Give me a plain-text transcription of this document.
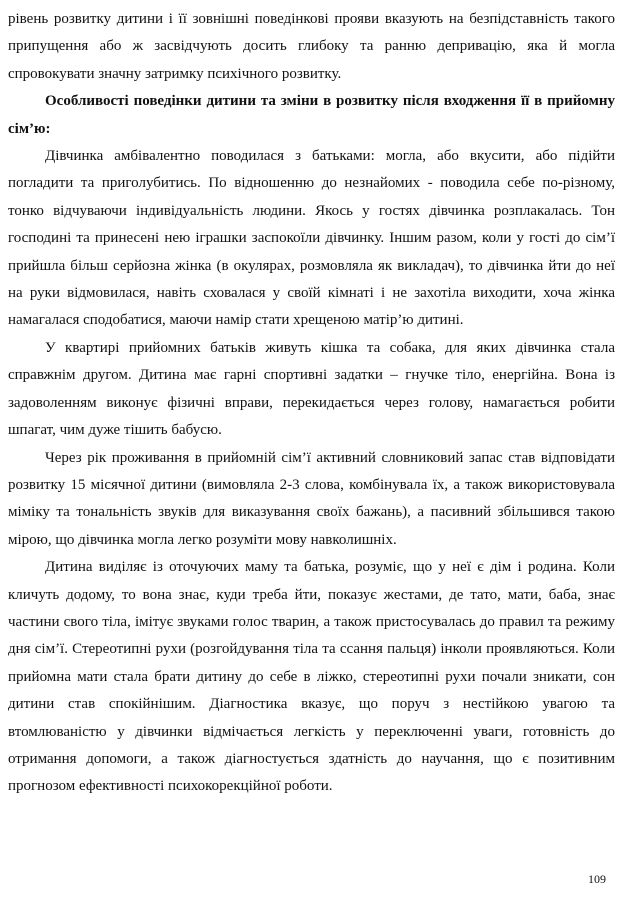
рівень розвитку дитини і її зовнішні поведінкові прояви вказують на безпідставність такого припущення або ж засвідчують досить глибоку та ранню депривацію, яка й могла спровокувати значну затримку психічного розвитку.

Особливості поведінки дитини та зміни в розвитку після входження її в прийомну сім’ю:

Дівчинка амбівалентно поводилася з батьками: могла, або вкусити, або підійти погладити та приголубитись. По відношенню до незнайомих - поводила себе по-різному, тонко відчуваючи індивідуальність людини. Якось у гостях дівчинка розплакалась. Тон господині та принесені нею іграшки заспокоїли дівчинку. Іншим разом, коли у гості до сім’ї прийшла більш серйозна жінка (в окулярах, розмовляла як викладач), то дівчинка йти до неї на руки відмовилася, навіть сховалася у своїй кімнаті і не захотіла виходити, хоча жінка намагалася сподобатися, маючи намір стати хрещеною матір’ю дитині.

У квартирі прийомних батьків живуть кішка та собака, для яких дівчинка стала справжнім другом. Дитина має гарні спортивні задатки – гнучке тіло, енергійна. Вона із задоволенням виконує фізичні вправи, перекидається через голову, намагається робити шпагат, чим дуже тішить бабусю.

Через рік проживання в прийомній сім’ї активний словниковий запас став відповідати розвитку 15 місячної дитини (вимовляла 2-3 слова, комбінувала їх, а також використовувала міміку та тональність звуків для виказування своїх бажань), а пасивний збільшився такою мірою, що дівчинка могла легко розуміти мову навколишніх.

Дитина виділяє із оточуючих маму та батька, розуміє, що у неї є дім і родина. Коли кличуть додому, то вона знає, куди треба йти, показує жестами, де тато, мати, баба, знає частини свого тіла, імітує звуками голос тварин, а також пристосувалась до правил та режиму дня сім’ї. Стереотипні рухи (розгойдування тіла та ссання пальця) інколи проявляються. Коли прийомна мати стала брати дитину до себе в ліжко, стереотипні рухи почали зникати, сон дитини став спокійнішим. Діагностика вказує, що поруч з нестійкою увагою та втомлюваністю у дівчинки відмічається легкість у переключенні уваги, готовність до отримання допомоги, а також діагностується здатність до научання, що є позитивним прогнозом ефективності психокорекційної роботи.

109
